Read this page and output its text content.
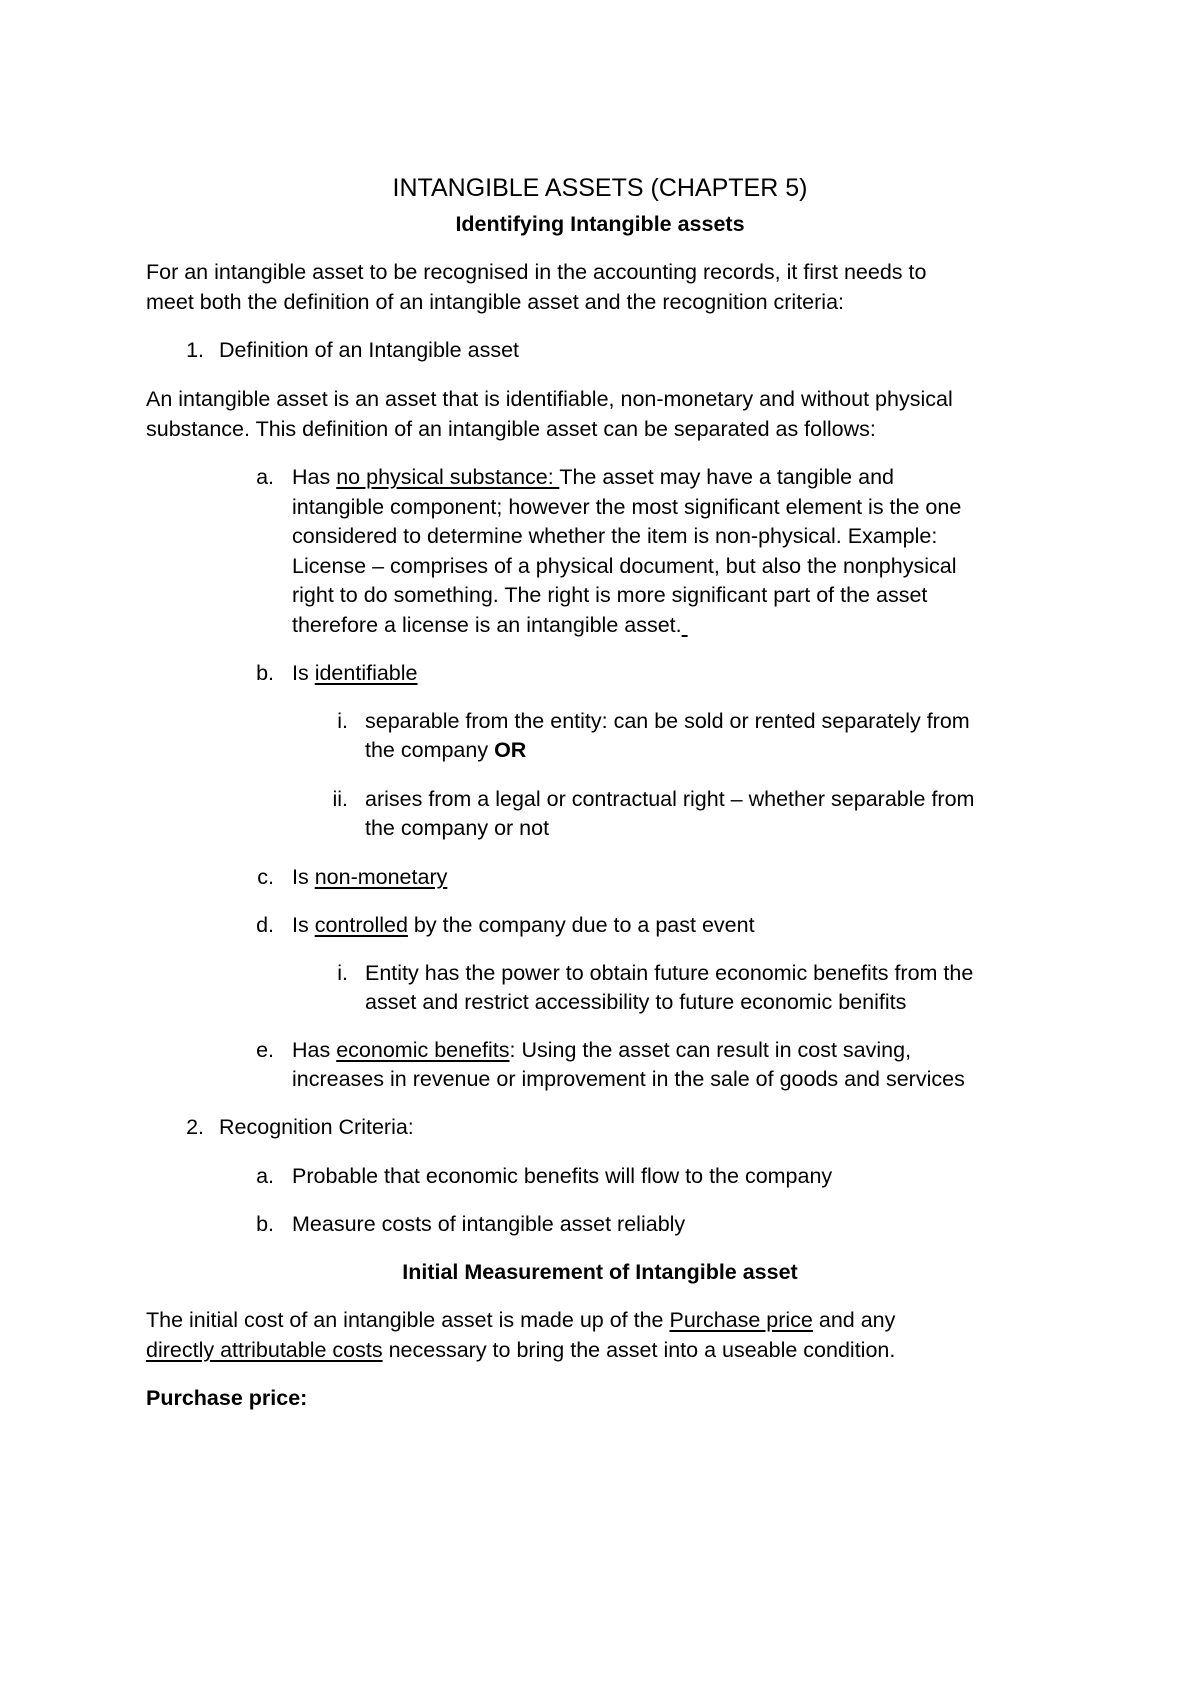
INTANGIBLE ASSETS (CHAPTER 5)
Identifying Intangible assets
For an intangible asset to be recognised in the accounting records, it first needs to
meet both the definition of an intangible asset and the recognition criteria:
1. Definition of an Intangible asset
An intangible asset is an asset that is identifiable, non-monetary and without physical
substance. This definition of an intangible asset can be separated as follows:
a. Has no physical substance: The asset may have a tangible and
intangible component; however the most significant element is the one
considered to determine whether the item is non-physical. Example:
License – comprises of a physical document, but also the nonphysical
right to do something. The right is more significant part of the asset
therefore a license is an intangible asset.
b. Is identifiable
i. separable from the entity: can be sold or rented separately from
the company OR
ii. arises from a legal or contractual right – whether separable from
the company or not
c. Is non-monetary
d. Is controlled by the company due to a past event
i. Entity has the power to obtain future economic benefits from the
asset and restrict accessibility to future economic benifits
e. Has economic benefits: Using the asset can result in cost saving,
increases in revenue or improvement in the sale of goods and services
2. Recognition Criteria:
a. Probable that economic benefits will flow to the company
b. Measure costs of intangible asset reliably
Initial Measurement of Intangible asset
The initial cost of an intangible asset is made up of the Purchase price and any
directly attributable costs necessary to bring the asset into a useable condition.
Purchase price:
